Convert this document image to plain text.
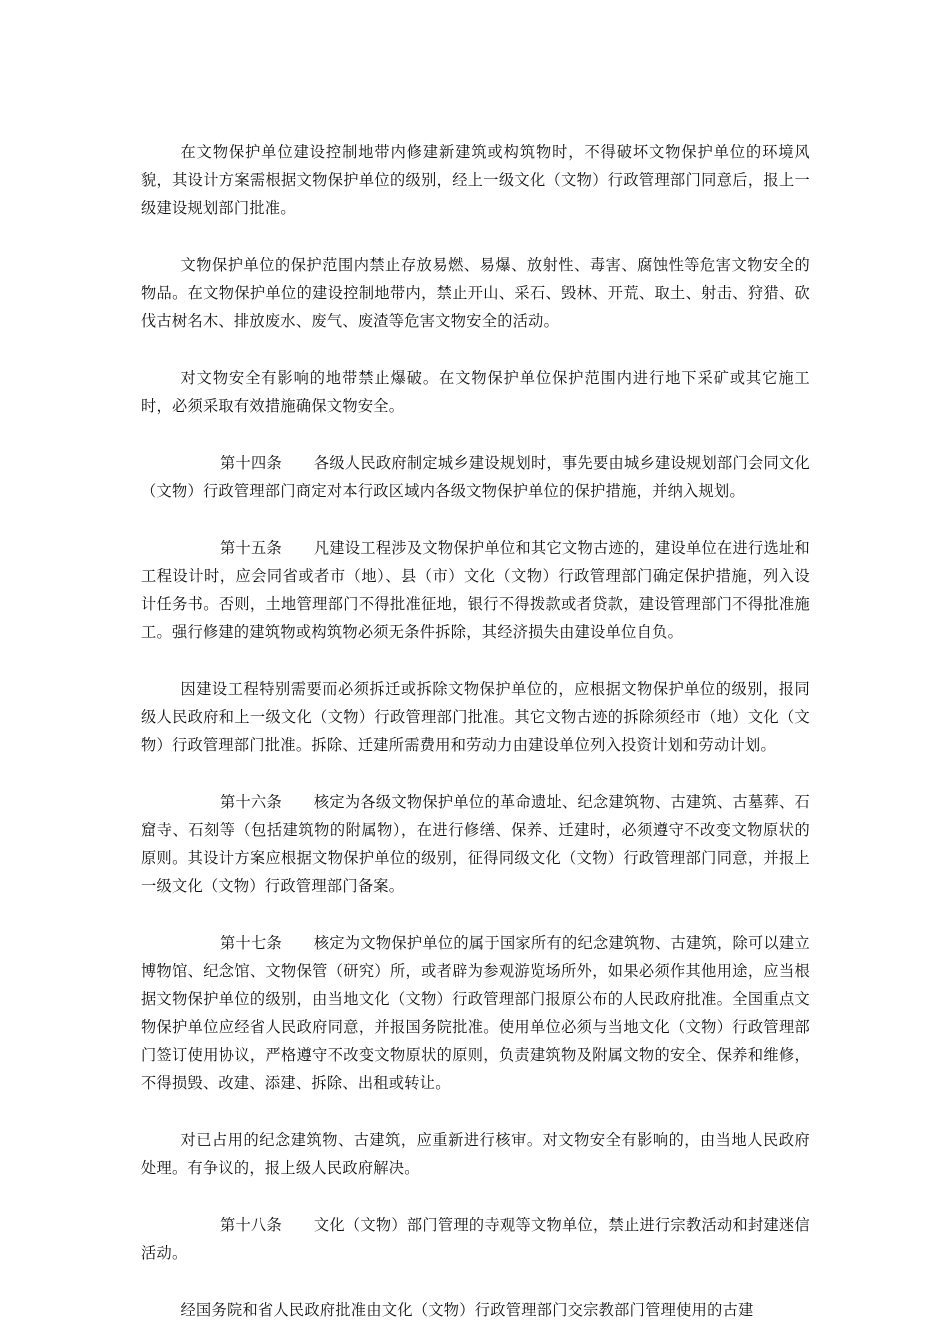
在文物保护单位建设控制地带内修建新建筑或构筑物时，不得破坏文物保护单位的环境风貌，其设计方案需根据文物保护单位的级别，经上一级文化（文物）行政管理部门同意后，报上一级建设规划部门批准。

文物保护单位的保护范围内禁止存放易燃、易爆、放射性、毒害、腐蚀性等危害文物安全的物品。在文物保护单位的建设控制地带内，禁止开山、采石、毁林、开荒、取土、射击、狩猎、砍伐古树名木、排放废水、废气、废渣等危害文物安全的活动。

对文物安全有影响的地带禁止爆破。在文物保护单位保护范围内进行地下采矿或其它施工时，必须采取有效措施确保文物安全。

第十四条 各级人民政府制定城乡建设规划时，事先要由城乡建设规划部门会同文化（文物）行政管理部门商定对本行政区域内各级文物保护单位的保护措施，并纳入规划。

第十五条 凡建设工程涉及文物保护单位和其它文物古迹的，建设单位在进行选址和工程设计时，应会同省或者市（地）、县（市）文化（文物）行政管理部门确定保护措施，列入设计任务书。否则，土地管理部门不得批准征地，银行不得拨款或者贷款，建设管理部门不得批准施工。强行修建的建筑物或构筑物必须无条件拆除，其经济损失由建设单位自负。

因建设工程特别需要而必须拆迁或拆除文物保护单位的，应根据文物保护单位的级别，报同级人民政府和上一级文化（文物）行政管理部门批准。其它文物古迹的拆除须经市（地）文化（文物）行政管理部门批准。拆除、迁建所需费用和劳动力由建设单位列入投资计划和劳动计划。

第十六条 核定为各级文物保护单位的革命遗址、纪念建筑物、古建筑、古墓葬、石窟寺、石刻等（包括建筑物的附属物），在进行修缮、保养、迁建时，必须遵守不改变文物原状的原则。其设计方案应根据文物保护单位的级别，征得同级文化（文物）行政管理部门同意，并报上一级文化（文物）行政管理部门备案。

第十七条 核定为文物保护单位的属于国家所有的纪念建筑物、古建筑，除可以建立博物馆、纪念馆、文物保管（研究）所，或者辟为参观游览场所外，如果必须作其他用途，应当根据文物保护单位的级别，由当地文化（文物）行政管理部门报原公布的人民政府批准。全国重点文物保护单位应经省人民政府同意，并报国务院批准。使用单位必须与当地文化（文物）行政管理部门签订使用协议，严格遵守不改变文物原状的原则，负责建筑物及附属文物的安全、保养和维修，不得损毁、改建、添建、拆除、出租或转让。

对已占用的纪念建筑物、古建筑，应重新进行核审。对文物安全有影响的，由当地人民政府处理。有争议的，报上级人民政府解决。

第十八条 文化（文物）部门管理的寺观等文物单位，禁止进行宗教活动和封建迷信活动。

经国务院和省人民政府批准由文化（文物）行政管理部门交宗教部门管理使用的古建
